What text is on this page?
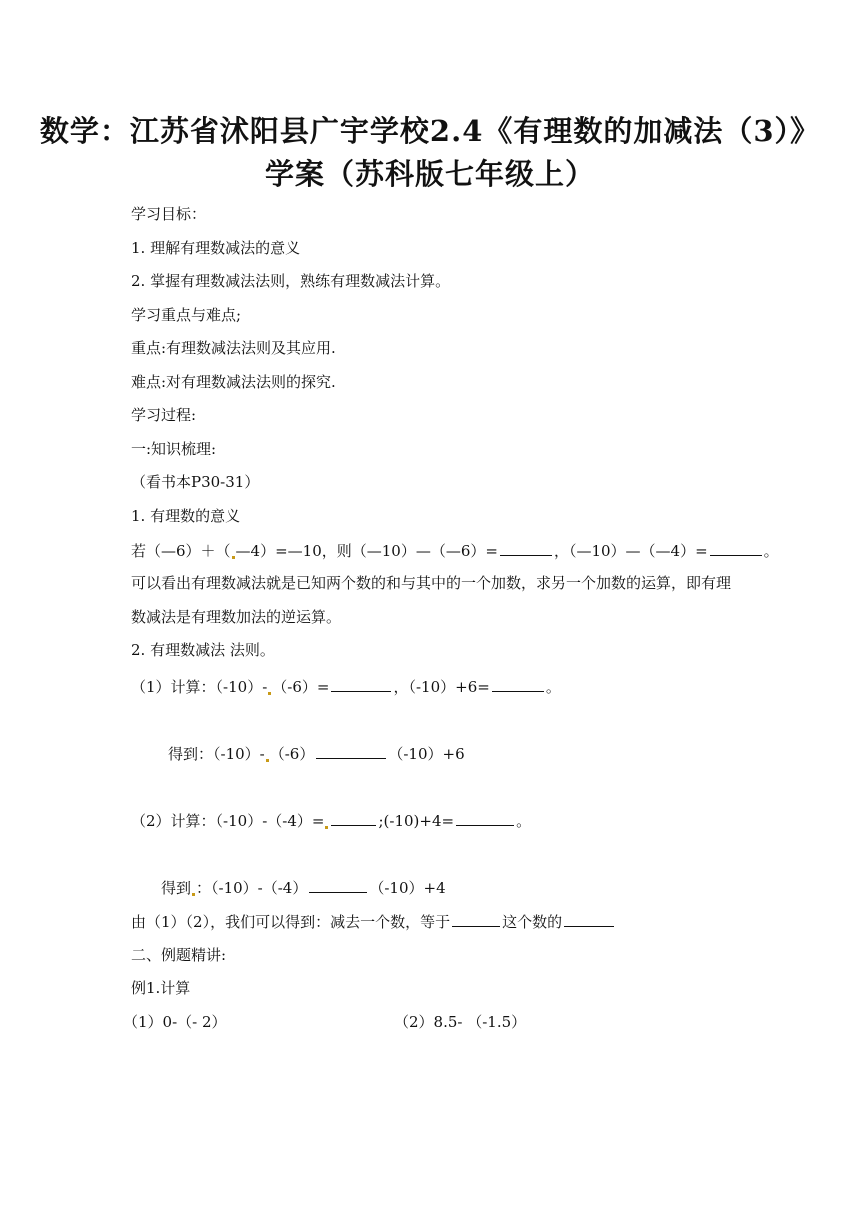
数学：江苏省沭阳县广宇学校2.4《有理数的加减法（3）》
学案（苏科版七年级上）
学习目标：
1. 理解有理数减法的意义
2. 掌握有理数减法法则，熟练有理数减法计算。
学习重点与难点;
重点:有理数减法法则及其应用.
难点:对有理数减法法则的探究.
学习过程:
一:知识梳理:
（看书本P30-31）
1. 有理数的意义
若（—6）＋（ —4）=—10，则（—10）—（—6）=	，（—10）—（—4）=	。
可以看出有理数减法就是已知两个数的和与其中的一个加数，求另一个加数的运算，即有理
数减法是有理数加法的逆运算。
2. 有理数减法 法则。
（1）计算：（-10）- （-6）=	，（-10）+6=	。
得到：（-10）- （-6）	（-10）+6
（2）计算：（-10）-（-4）=	;(-10)+4=	。
得到 ：（-10）-（-4）	（-10）+4
由（1）（2），我们可以得到：减去一个数，等于	这个数的
二、例题精讲:
例1.计算
（1）0-（- 2）	（2）8.5- （-1.5）
